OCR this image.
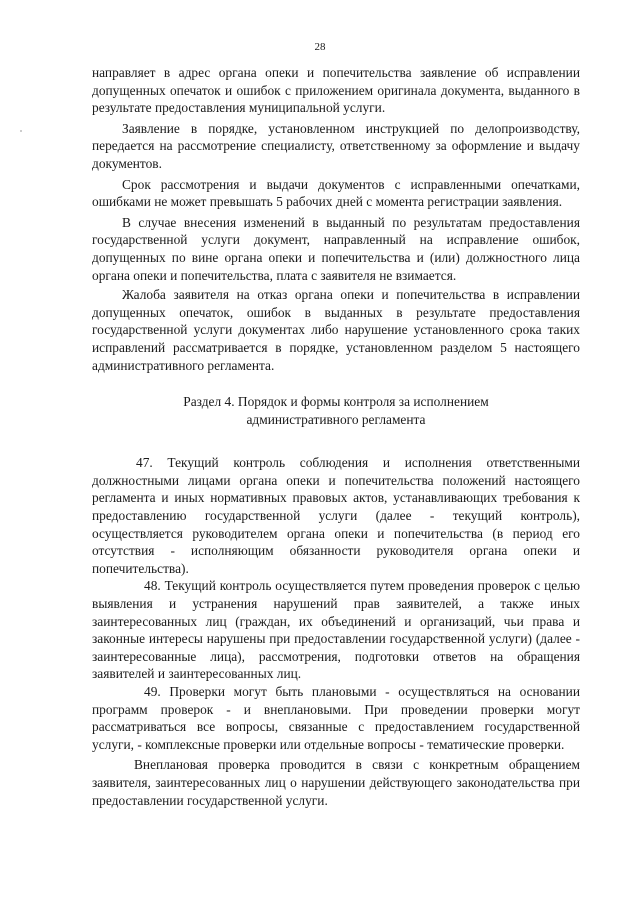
28

направляет в адрес органа опеки и попечительства заявление об исправлении допущенных опечаток и ошибок с приложением оригинала документа, выданного в результате предоставления муниципальной услуги.

Заявление в порядке, установленном инструкцией по делопроизводству, передается на рассмотрение специалисту, ответственному за оформление и выдачу документов.

Срок рассмотрения и выдачи документов с исправленными опечатками, ошибками не может превышать 5 рабочих дней с момента регистрации заявления.

В случае внесения изменений в выданный по результатам предоставления государственной услуги документ, направленный на исправление ошибок, допущенных по вине органа опеки и попечительства и (или) должностного лица органа опеки и попечительства, плата с заявителя не взимается.

Жалоба заявителя на отказ органа опеки и попечительства в исправлении допущенных опечаток, ошибок в выданных в результате предоставления государственной услуги документах либо нарушение установленного срока таких исправлений рассматривается в порядке, установленном разделом 5 настоящего административного регламента.

Раздел 4. Порядок и формы контроля за исполнением административного регламента

47. Текущий контроль соблюдения и исполнения ответственными должностными лицами органа опеки и попечительства положений настоящего регламента и иных нормативных правовых актов, устанавливающих требования к предоставлению государственной услуги (далее - текущий контроль), осуществляется руководителем органа опеки и попечительства (в период его отсутствия - исполняющим обязанности руководителя органа опеки и попечительства).

48. Текущий контроль осуществляется путем проведения проверок с целью выявления и устранения нарушений прав заявителей, а также иных заинтересованных лиц (граждан, их объединений и организаций, чьи права и законные интересы нарушены при предоставлении государственной услуги) (далее - заинтересованные лица), рассмотрения, подготовки ответов на обращения заявителей и заинтересованных лиц.

49. Проверки могут быть плановыми - осуществляться на основании программ проверок - и внеплановыми. При проведении проверки могут рассматриваться все вопросы, связанные с предоставлением государственной услуги, - комплексные проверки или отдельные вопросы - тематические проверки.

Внеплановая проверка проводится в связи с конкретным обращением заявителя, заинтересованных лиц о нарушении действующего законодательства при предоставлении государственной услуги.
